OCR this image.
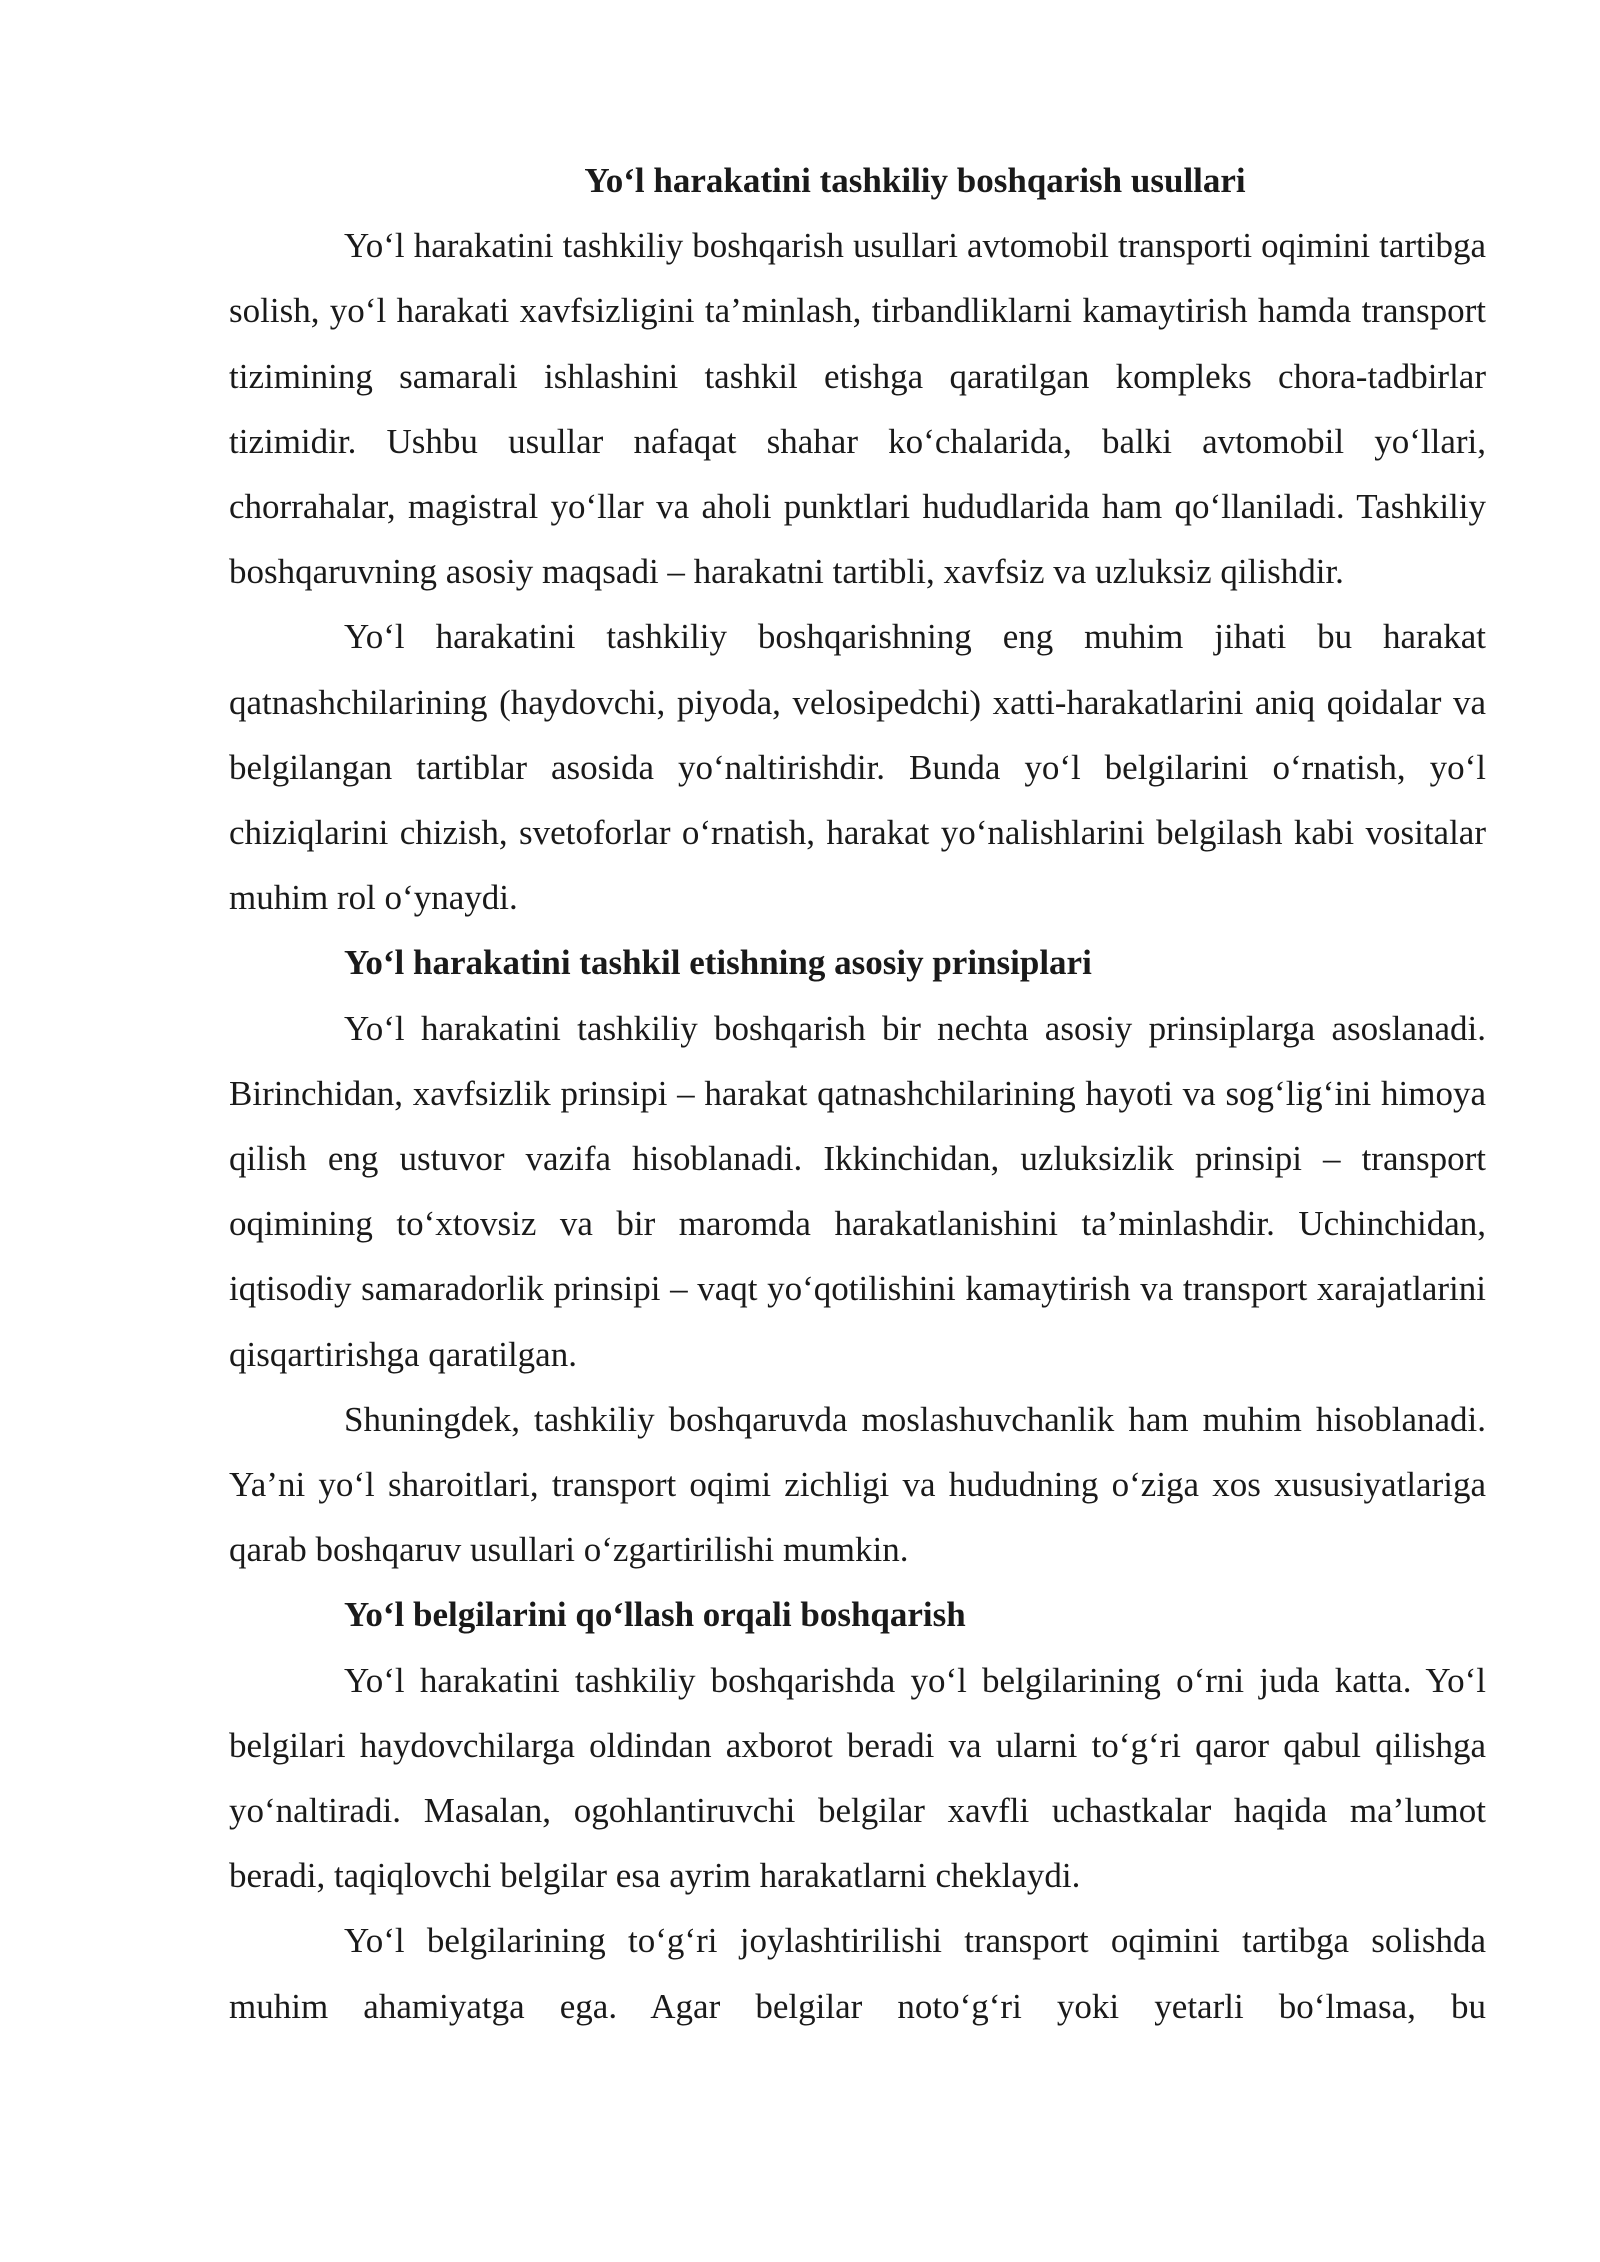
Yo‘l harakatini tashkiliy boshqarish usullari

Yo‘l harakatini tashkiliy boshqarish usullari avtomobil transporti oqimini tartibga solish, yo‘l harakati xavfsizligini ta’minlash, tirbandliklarni kamaytirish hamda transport tizimining samarali ishlashini tashkil etishga qaratilgan kompleks chora-tadbirlar tizimidir. Ushbu usullar nafaqat shahar ko‘chalarida, balki avtomobil yo‘llari, chorrahalar, magistral yo‘llar va aholi punktlari hududlarida ham qo‘llaniladi. Tashkiliy boshqaruvning asosiy maqsadi – harakatni tartibli, xavfsiz va uzluksiz qilishdir.

Yo‘l harakatini tashkiliy boshqarishning eng muhim jihati bu harakat qatnashchilarining (haydovchi, piyoda, velosipedchi) xatti-harakatlarini aniq qoidalar va belgilangan tartiblar asosida yo‘naltirishdir. Bunda yo‘l belgilarini o‘rnatish, yo‘l chiziqlarini chizish, svetoforlar o‘rnatish, harakat yo‘nalishlarini belgilash kabi vositalar muhim rol o‘ynaydi.

Yo‘l harakatini tashkil etishning asosiy prinsiplari

Yo‘l harakatini tashkiliy boshqarish bir nechta asosiy prinsiplarga asoslanadi. Birinchidan, xavfsizlik prinsipi – harakat qatnashchilarining hayoti va sog‘lig‘ini himoya qilish eng ustuvor vazifa hisoblanadi. Ikkinchidan, uzluksizlik prinsipi – transport oqimining to‘xtovsiz va bir maromda harakatlanishini ta’minlashdir. Uchinchidan, iqtisodiy samaradorlik prinsipi – vaqt yo‘qotilishini kamaytirish va transport xarajatlarini qisqartirishga qaratilgan.

Shuningdek, tashkiliy boshqaruvda moslashuvchanlik ham muhim hisoblanadi. Ya’ni yo‘l sharoitlari, transport oqimi zichligi va hududning o‘ziga xos xususiyatlariga qarab boshqaruv usullari o‘zgartirilishi mumkin.

Yo‘l belgilarini qo‘llash orqali boshqarish

Yo‘l harakatini tashkiliy boshqarishda yo‘l belgilarining o‘rni juda katta. Yo‘l belgilari haydovchilarga oldindan axborot beradi va ularni to‘g‘ri qaror qabul qilishga yo‘naltiradi. Masalan, ogohlantiruvchi belgilar xavfli uchastkalar haqida ma’lumot beradi, taqiqlovchi belgilar esa ayrim harakatlarni cheklaydi.

Yo‘l belgilarining to‘g‘ri joylashtirilishi transport oqimini tartibga solishda muhim ahamiyatga ega. Agar belgilar noto‘g‘ri yoki yetarli bo‘lmasa, bu
